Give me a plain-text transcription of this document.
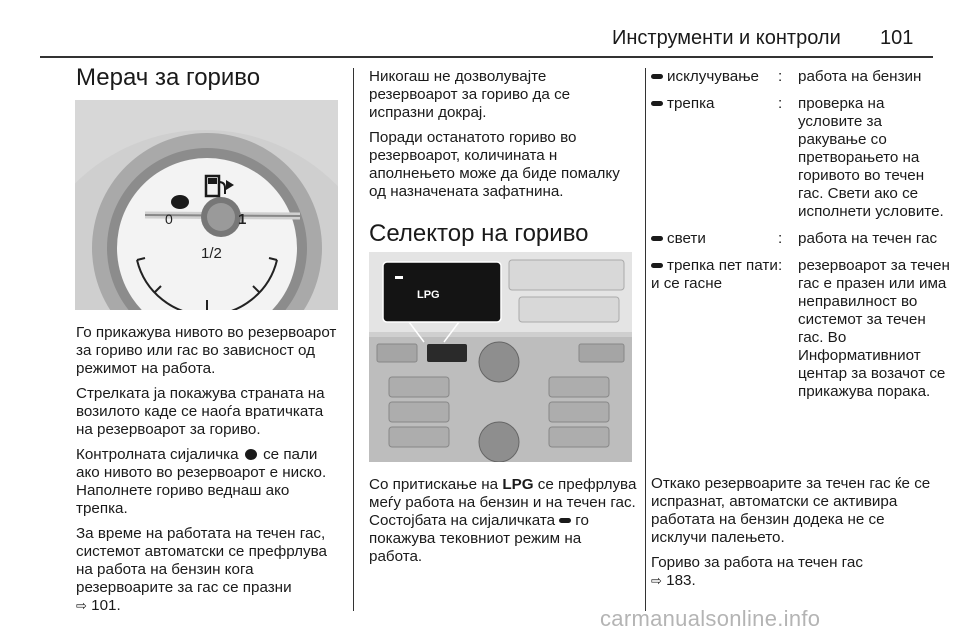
Инструменти и контроли 101
Мерач за гориво
0	1
1/2

Го прикажува нивото во резервоарот за гориво или гас во зависност од режимот на работа.

Стрелката ја покажува страната на возилото каде се наоѓа вратичката на резервоарот за гориво.

Контролната сијаличка се пали ако нивото во резервоарот е ниско. Наполнете гориво веднаш ако трепка.

За време на работата на течен гас, системот автоматски се префрлува на работа на бензин кога резервоарите за гас се празни
⇨ 101.

Никогаш не дозволувајте резервоарот за гориво да се испразни докрај.

Поради останатото гориво во резервоарот, количината н аполнењето може да биде помалку од назначената зафатнина.

Селектор на гориво
LPG

Со притискање на LPG се префрлува меѓу работа на бензин и на течен гас. Состојбата на сијаличката го покажува тековниот режим на работа.

исклучување	:	работа на бензин
трепка	:	проверка на условите за ракување со претворањето на горивото во течен гас. Свети ако се исполнети условите.
свети	:	работа на течен гас
трепка пет пати и се гасне
:	резервоарот за течен гас е празен или има неправилност во системот за течен гас. Во Информативниот центар за возачот се прикажува порака.

Откако резервоарите за течен гас ќе се испразнат, автоматски се активира работата на бензин додека не се исклучи палењето.

Гориво за работа на течен гас
⇨ 183.

carmanualsonline.info
